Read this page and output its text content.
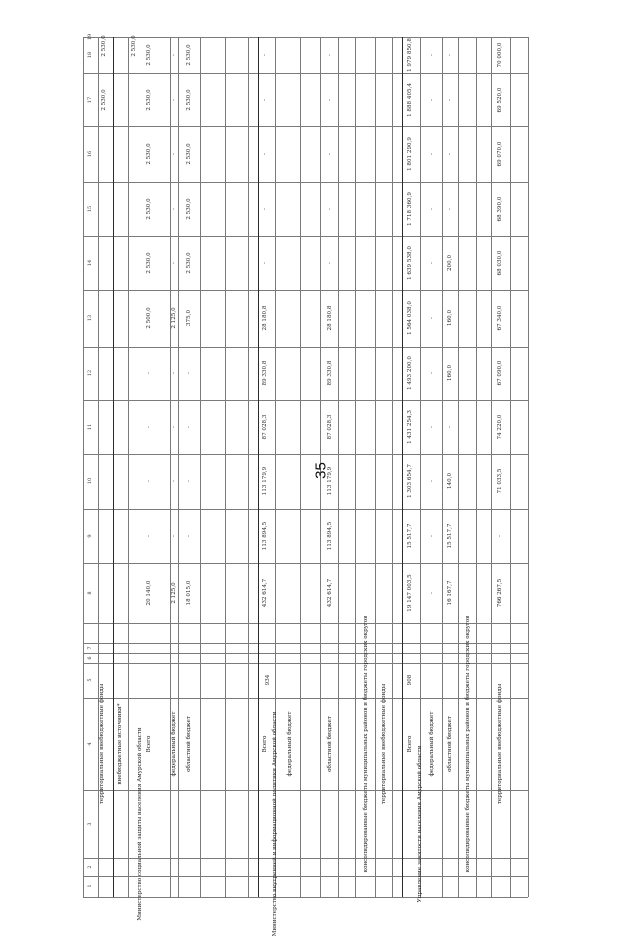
1
2
3
4
5
6
7
8
9
10
11
12
13
14
15
16
17
18
19
территориальные внебюджетные фонды внебюджетные источники*
2 530,0
2 530,0
2 530,0
Министерство социальной защиты населения Амурской области Всего
20 140,0
-
-
-
-
2 500,0
2 530,0
2 530,0
2 530,0
2 530,0
2 530,0
федеральный бюджет
2 125,0
-
-
-
-
2 125,0
-
-
-
-
-
областной бюджет
18 015,0
-
-
-
-
375,0
2 530,0
2 530,0
2 530,0
2 530,0
2 530,0
Министерство внутренней и информационной политики Амурской области
934
Всего
432 614,7
113 894,5
113 179,9
87 028,3
89 330,8
28 180,8
-
-
-
-
-
федеральный бюджет	областной бюджет
432 614,7
113 894,5
113 179,9
87 028,3
89 330,8
28 180,8
-
-
-
-
-
консолидированные бюджеты муниципальных районов и бюджеты городских округов территориальные внебюджетные фонды
Управление занятости населения Амурской области
908
Всего
19 147 003,5
15 517,7
1 303 654,7
1 431 254,3
1 493 200,0
1 564 038,0
1 639 538,0
1 718 360,9
1 801 290,9
1 888 405,4
1 979 850,8
федеральный бюджет
-
-
-
-
-
-
-
-
-
-
-
областной бюджет
16 167,7
15 517,7
140,0
-
160,0
160,0
200,0
-
-
-
-
консолидированные бюджеты муниципальных районов и бюджеты городских округов	территориальные внебюджетные фонды
766 267,5
-
71 033,5
74 220,0
67 090,0
67 340,0
68 030,0
68 390,0
69 070,0
69 520,0
70 000,0
35
